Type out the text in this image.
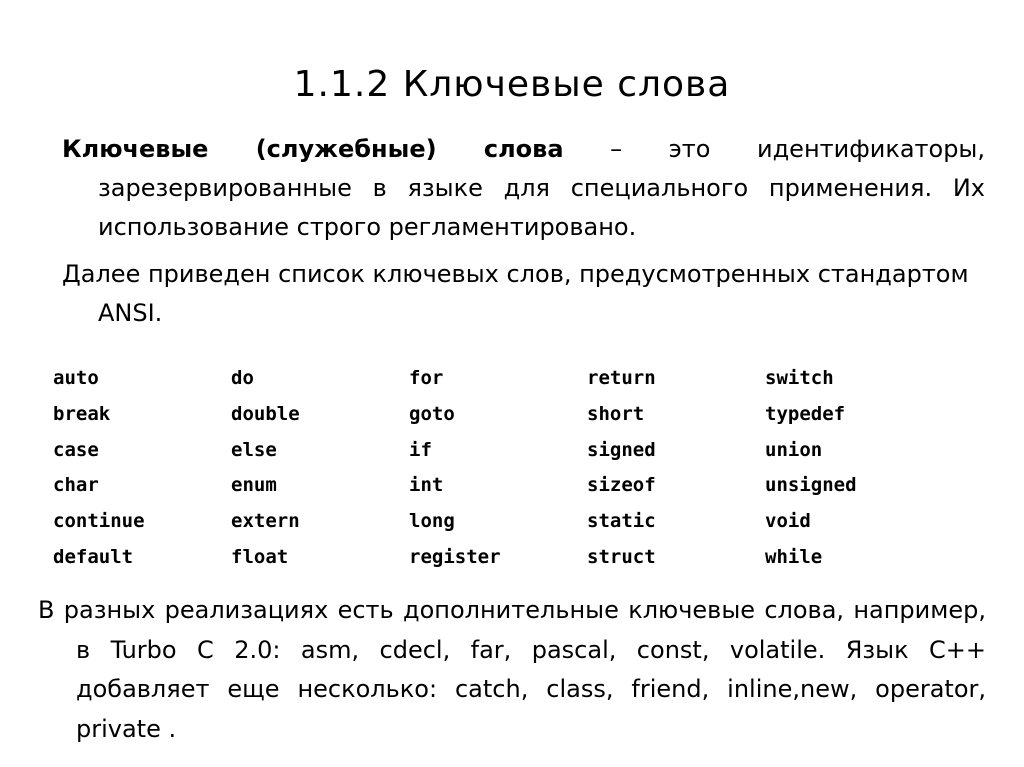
1.1.2 Ключевые слова
Ключевые (служебные) слова – это идентификаторы, зарезервированные в языке для специального применения. Их использование строго регламентировано.
Далее приведен список ключевых слов, предусмотренных стандартом ANSI.
auto	do	for	return	switch
break	double	goto	short	typedef
case	else	if	signed	union
char	enum	int	sizeof	unsigned
continue	extern	long	static	void
default	float	register	struct	while
В разных реализациях есть дополнительные ключевые слова, например, в Turbo C 2.0: asm, cdecl, far, pascal, const, volatile. Язык С++ добавляет еще несколько: catch, class, friend, inline,new, operator, private .
